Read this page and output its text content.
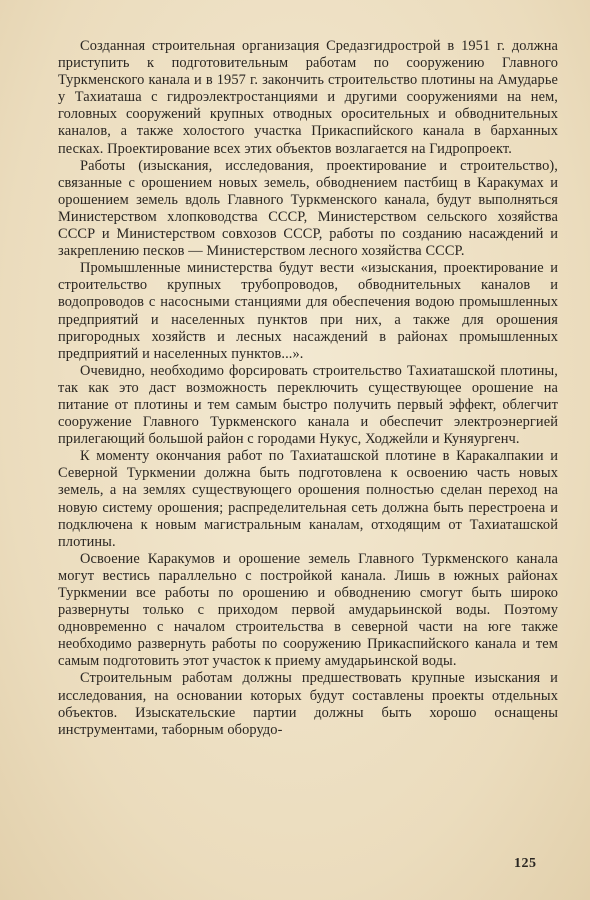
Созданная строительная организация Средазгидрострой в 1951 г. должна приступить к подготовительным работам по сооружению Главного Туркменского канала и в 1957 г. закончить строительство плотины на Амударье у Тахиаташа с гидроэлектростанциями и другими сооружениями на нем, головных сооружений крупных отводных оросительных и обводнительных каналов, а также холостого участка Прикаспийского канала в барханных песках. Проектирование всех этих объектов возлагается на Гидропроект.

Работы (изыскания, исследования, проектирование и строительство), связанные с орошением новых земель, обводнением пастбищ в Каракумах и орошением земель вдоль Главного Туркменского канала, будут выполняться Министерством хлопководства СССР, Министерством сельского хозяйства СССР и Министерством совхозов СССР, работы по созданию насаждений и закреплению песков — Министерством лесного хозяйства СССР.

Промышленные министерства будут вести «изыскания, проектирование и строительство крупных трубопроводов, обводнительных каналов и водопроводов с насосными станциями для обеспечения водою промышленных предприятий и населенных пунктов при них, а также для орошения пригородных хозяйств и лесных насаждений в районах промышленных предприятий и населенных пунктов...».

Очевидно, необходимо форсировать строительство Тахиаташской плотины, так как это даст возможность переключить существующее орошение на питание от плотины и тем самым быстро получить первый эффект, облегчит сооружение Главного Туркменского канала и обеспечит электроэнергией прилегающий большой район с городами Нукус, Ходжейли и Куняургенч.

К моменту окончания работ по Тахиаташской плотине в Каракалпакии и Северной Туркмении должна быть подготовлена к освоению часть новых земель, а на землях существующего орошения полностью сделан переход на новую систему орошения; распределительная сеть должна быть перестроена и подключена к новым магистральным каналам, отходящим от Тахиаташской плотины.

Освоение Каракумов и орошение земель Главного Туркменского канала могут вестись параллельно с постройкой канала. Лишь в южных районах Туркмении все работы по орошению и обводнению смогут быть широко развернуты только с приходом первой амударьинской воды. Поэтому одновременно с началом строительства в северной части на юге также необходимо развернуть работы по сооружению Прикаспийского канала и тем самым подготовить этот участок к приему амударьинской воды.

Строительным работам должны предшествовать крупные изыскания и исследования, на основании которых будут составлены проекты отдельных объектов. Изыскательские партии должны быть хорошо оснащены инструментами, таборным оборудо-

125
